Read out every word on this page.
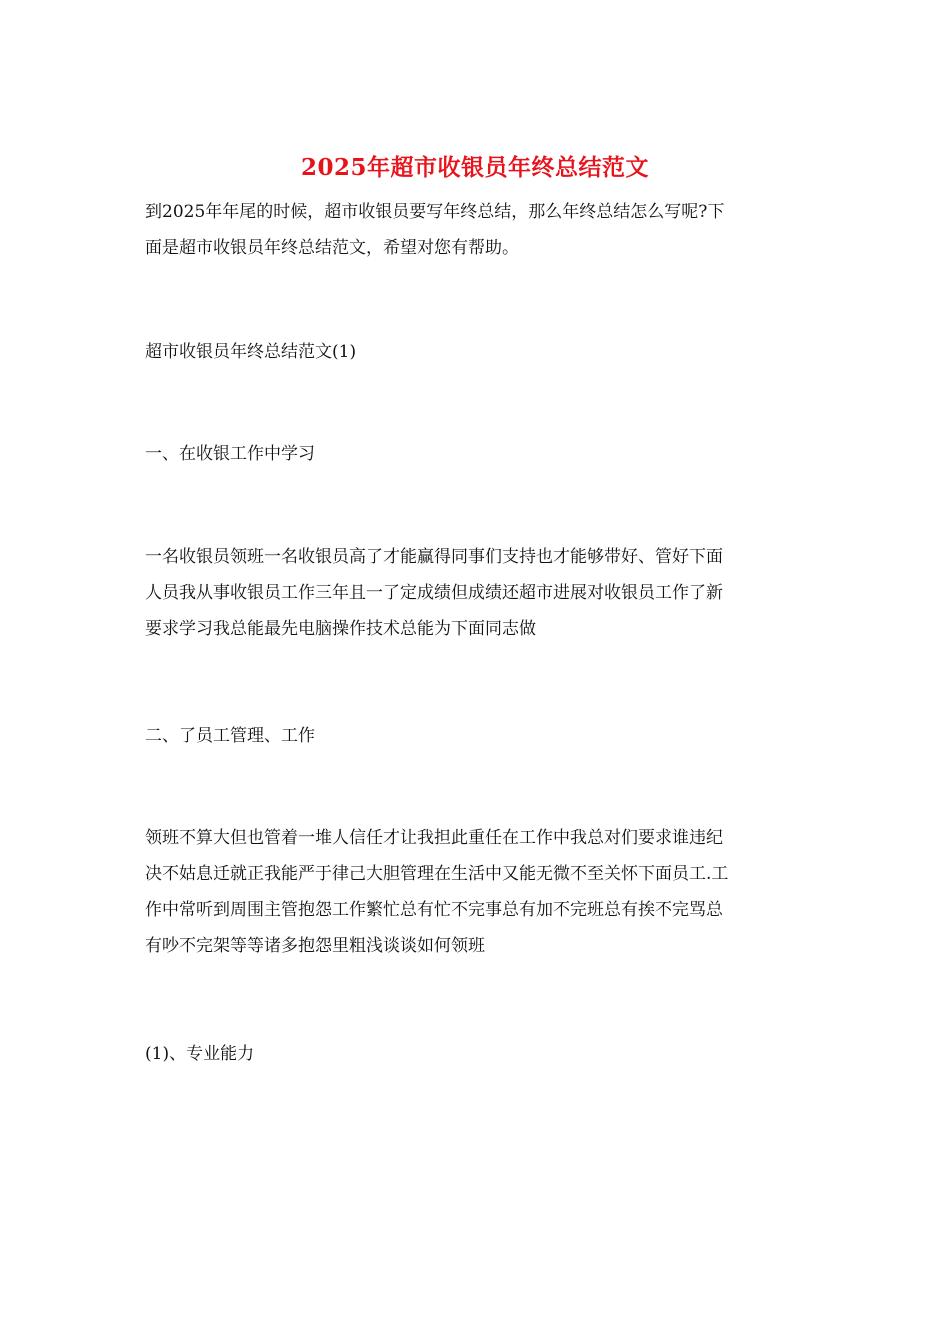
2025年超市收银员年终总结范文
到2025年年尾的时候，超市收银员要写年终总结，那么年终总结怎么写呢?下
面是超市收银员年终总结范文，希望对您有帮助。
超市收银员年终总结范文(1)
一、在收银工作中学习
一名收银员领班一名收银员高了才能赢得同事们支持也才能够带好、管好下面
人员我从事收银员工作三年且一了定成绩但成绩还超市进展对收银员工作了新
要求学习我总能最先电脑操作技术总能为下面同志做
二、了员工管理、工作
领班不算大但也管着一堆人信任才让我担此重任在工作中我总对们要求谁违纪
决不姑息迁就正我能严于律己大胆管理在生活中又能无微不至关怀下面员工.工
作中常听到周围主管抱怨工作繁忙总有忙不完事总有加不完班总有挨不完骂总
有吵不完架等等诸多抱怨里粗浅谈谈如何领班
(1)、专业能力
